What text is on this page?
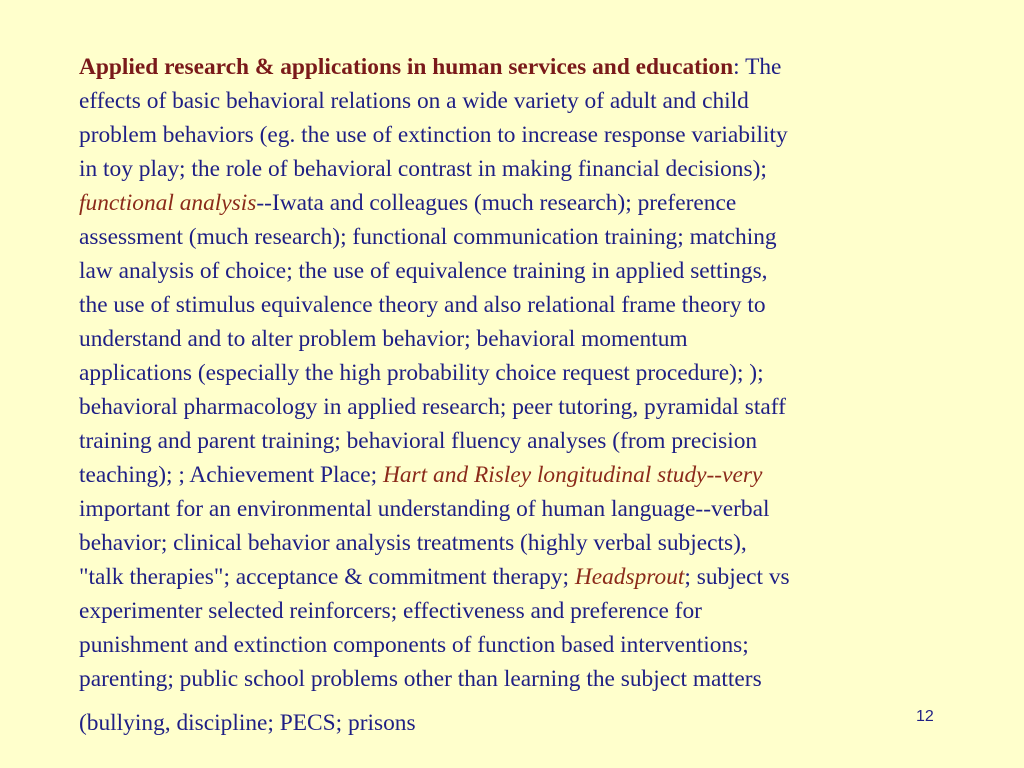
Applied research & applications in human services and education: The
effects of basic behavioral relations on a wide variety of adult and child
problem behaviors (eg. the use of extinction to increase response variability
in toy play; the role of behavioral contrast in making financial decisions);
functional analysis--Iwata and colleagues (much research); preference
assessment (much research); functional communication training; matching
law analysis of choice; the use of equivalence training in applied settings,
the use of stimulus equivalence theory and also relational frame theory to
understand and to alter problem behavior; behavioral momentum
applications (especially the high probability choice request procedure); );
behavioral pharmacology in applied research; peer tutoring, pyramidal staff
training and parent training; behavioral fluency analyses (from precision
teaching); ; Achievement Place; Hart and Risley longitudinal study--very
important for an environmental understanding of human language--verbal
behavior; clinical behavior analysis treatments (highly verbal subjects),
"talk therapies"; acceptance & commitment therapy; Headsprout; subject vs
experimenter selected reinforcers; effectiveness and preference for
punishment and extinction components of function based interventions;
parenting; public school problems other than learning the subject matters
(bullying, discipline; PECS; prisons	12
